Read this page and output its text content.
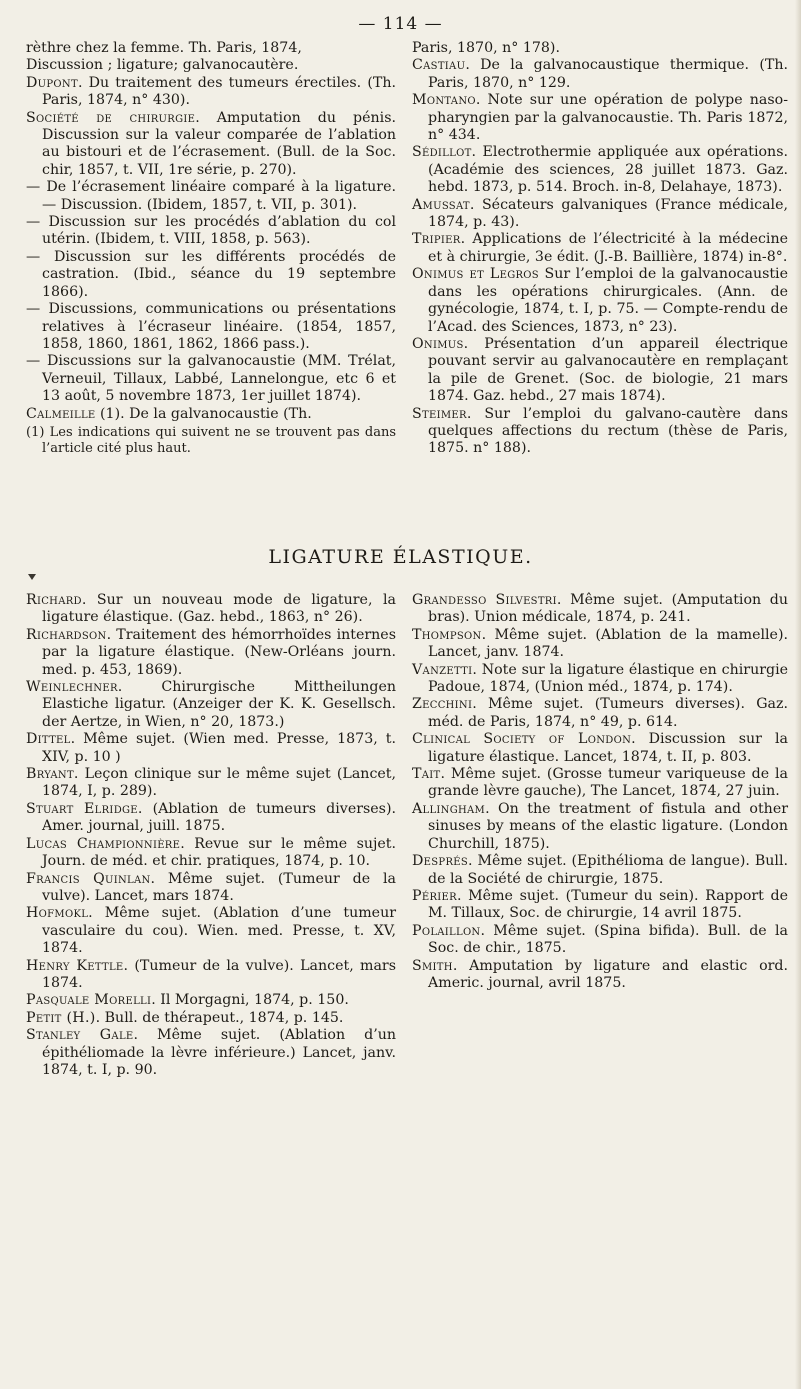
— 114 —

rèthre chez la femme. Th. Paris, 1874,

Discussion ; ligature; galvanocautère.

Dupont. Du traitement des tumeurs érectiles. (Th. Paris, 1874, n° 430).

Société de chirurgie. Amputation du pénis. Discussion sur la valeur comparée de l’ablation au bistouri et de l’écrasement. (Bull. de la Soc. chir, 1857, t. VII, 1re série, p. 270).

— De l’écrasement linéaire comparé à la ligature. — Discussion. (Ibidem, 1857, t. VII, p. 301).

— Discussion sur les procédés d’ablation du col utérin. (Ibidem, t. VIII, 1858, p. 563).

— Discussion sur les différents procédés de castration. (Ibid., séance du 19 septembre 1866).

— Discussions, communications ou présentations relatives à l’écraseur linéaire. (1854, 1857, 1858, 1860, 1861, 1862, 1866 pass.).

— Discussions sur la galvanocaustie (MM. Trélat, Verneuil, Tillaux, Labbé, Lannelongue, etc 6 et 13 août, 5 novembre 1873, 1er juillet 1874).

Calmeille (1). De la galvanocaustie (Th.

(1) Les indications qui suivent ne se trouvent pas dans l’article cité plus haut.

Paris, 1870, n° 178).

Castiau. De la galvanocaustique thermique. (Th. Paris, 1870, n° 129.

Montano. Note sur une opération de polype naso-pharyngien par la galvanocaustie. Th. Paris 1872, n° 434.

Sédillot. Electrothermie appliquée aux opérations. (Académie des sciences, 28 juillet 1873. Gaz. hebd. 1873, p. 514. Broch. in-8, Delahaye, 1873).

Amussat. Sécateurs galvaniques (France médicale, 1874, p. 43).

Tripier. Applications de l’électricité à la médecine et à chirurgie, 3e édit. (J.-B. Baillière, 1874) in-8°.

Onimus et Legros Sur l’emploi de la galvanocaustie dans les opérations chirurgicales. (Ann. de gynécologie, 1874, t. I, p. 75. — Compte-rendu de l’Acad. des Sciences, 1873, n° 23).

Onimus. Présentation d’un appareil électrique pouvant servir au galvanocautère en remplaçant la pile de Grenet. (Soc. de biologie, 21 mars 1874. Gaz. hebd., 27 mais 1874).

Steimer. Sur l’emploi du galvano-cautère dans quelques affections du rectum (thèse de Paris, 1875. n° 188).

LIGATURE ÉLASTIQUE.

Richard. Sur un nouveau mode de ligature, la ligature élastique. (Gaz. hebd., 1863, n° 26).

Richardson. Traitement des hémorrhoïdes internes par la ligature élastique. (New-Orléans journ. med. p. 453, 1869).

Weinlechner. Chirurgische Mittheilungen Elastiche ligatur. (Anzeiger der K. K. Gesellsch. der Aertze, in Wien, n° 20, 1873.)

Dittel. Même sujet. (Wien med. Presse, 1873, t. XIV, p. 10 )

Bryant. Leçon clinique sur le même sujet (Lancet, 1874, I, p. 289).

Stuart Elridge. (Ablation de tumeurs diverses). Amer. journal, juill. 1875.

Lucas Championnière. Revue sur le même sujet. Journ. de méd. et chir. pratiques, 1874, p. 10.

Francis Quinlan. Même sujet. (Tumeur de la vulve). Lancet, mars 1874.

Hofmokl. Même sujet. (Ablation d’une tumeur vasculaire du cou). Wien. med. Presse, t. XV, 1874.

Henry Kettle. (Tumeur de la vulve). Lancet, mars 1874.

Pasquale Morelli. Il Morgagni, 1874, p. 150.

Petit (H.). Bull. de thérapeut., 1874, p. 145.

Stanley Gale. Même sujet. (Ablation d’un épithéliomade la lèvre inférieure.) Lancet, janv. 1874, t. I, p. 90.

Grandesso Silvestri. Même sujet. (Amputation du bras). Union médicale, 1874, p. 241.

Thompson. Même sujet. (Ablation de la mamelle). Lancet, janv. 1874.

Vanzetti. Note sur la ligature élastique en chirurgie Padoue, 1874, (Union méd., 1874, p. 174).

Zecchini. Même sujet. (Tumeurs diverses). Gaz. méd. de Paris, 1874, n° 49, p. 614.

Clinical Society of London. Discussion sur la ligature élastique. Lancet, 1874, t. II, p. 803.

Tait. Même sujet. (Grosse tumeur variqueuse de la grande lèvre gauche), The Lancet, 1874, 27 juin.

Allingham. On the treatment of fistula and other sinuses by means of the elastic ligature. (London Churchill, 1875).

Després. Même sujet. (Epithélioma de langue). Bull. de la Société de chirurgie, 1875.

Périer. Même sujet. (Tumeur du sein). Rapport de M. Tillaux, Soc. de chirurgie, 14 avril 1875.

Polaillon. Même sujet. (Spina bifida). Bull. de la Soc. de chir., 1875.

Smith. Amputation by ligature and elastic ord. Americ. journal, avril 1875.
